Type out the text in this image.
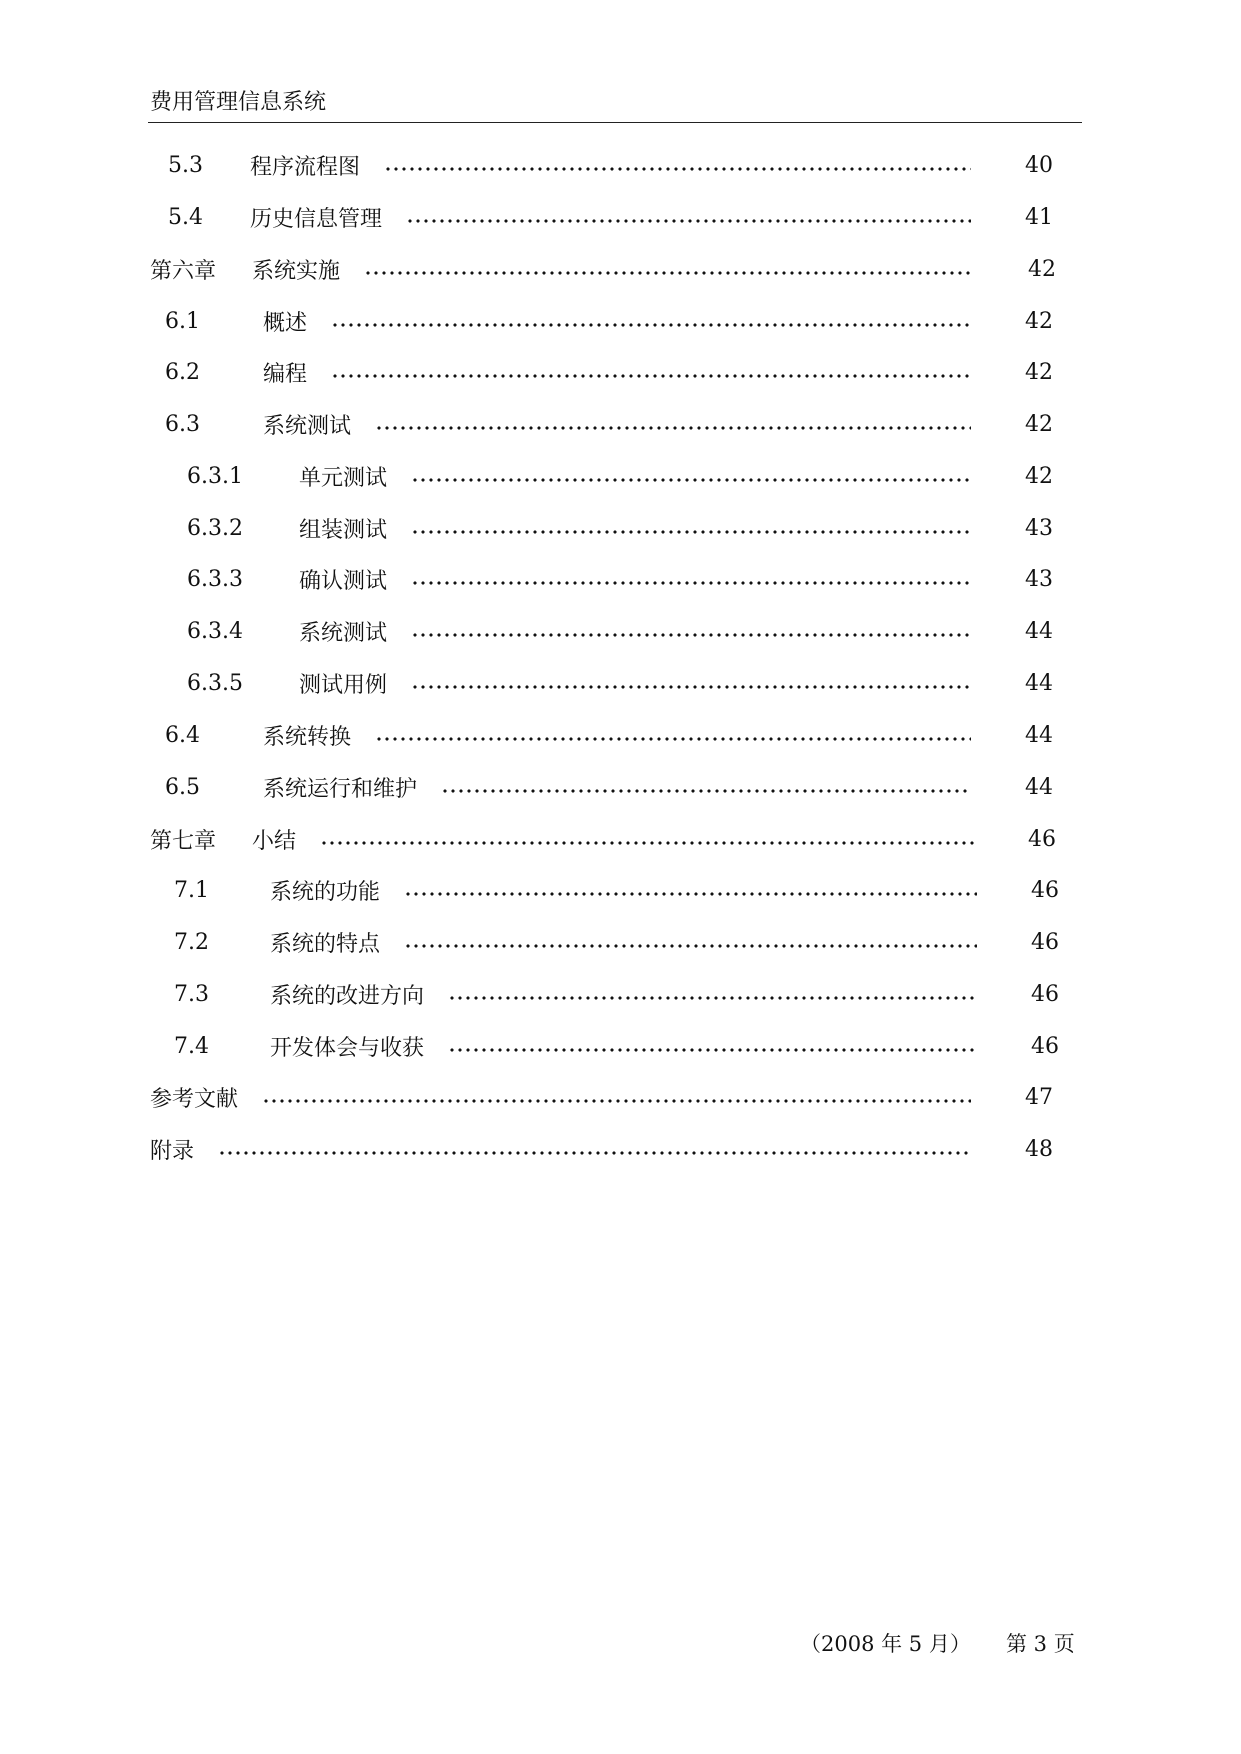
费用管理信息系统
5.3	程序流程图	40
5.4	历史信息管理	41
第六章	系统实施	42
6.1	概述	42
6.2	编程	42
6.3	系统测试	42
6.3.1	单元测试	42
6.3.2	组装测试	43
6.3.3	确认测试	43
6.3.4	系统测试	44
6.3.5	测试用例	44
6.4	系统转换	44
6.5	系统运行和维护	44
第七章	小结	46
7.1	系统的功能	46
7.2	系统的特点	46
7.3	系统的改进方向	46
7.4	开发体会与收获	46
参考文献	47
附录	48
（2008 年 5 月） 第 3 页
